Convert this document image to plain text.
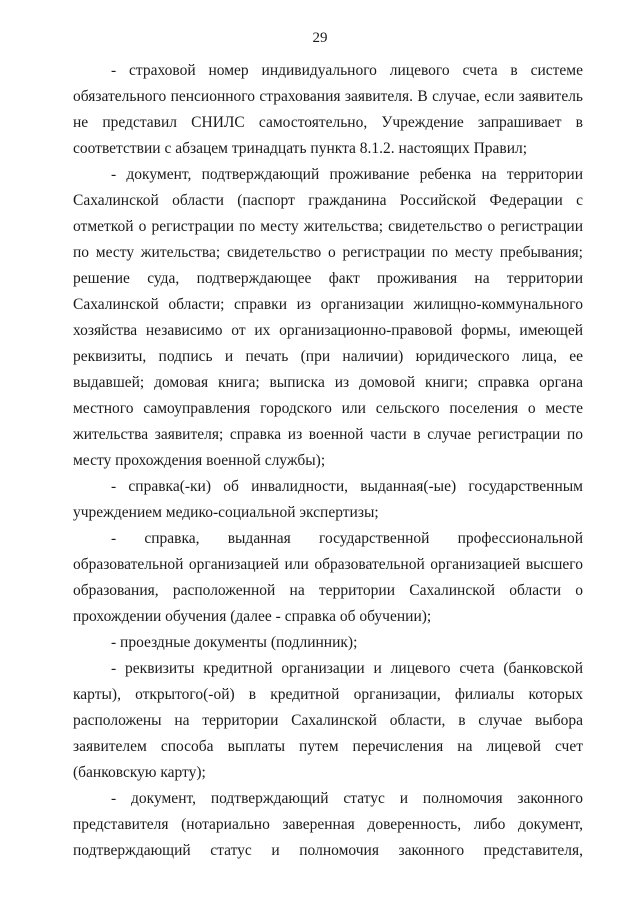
29

- страховой номер индивидуального лицевого счета в системе обязательного пенсионного страхования заявителя. В случае, если заявитель не представил СНИЛС самостоятельно, Учреждение запрашивает в соответствии с абзацем тринадцать пункта 8.1.2. настоящих Правил;

- документ, подтверждающий проживание ребенка на территории Сахалинской области (паспорт гражданина Российской Федерации с отметкой о регистрации по месту жительства; свидетельство о регистрации по месту жительства; свидетельство о регистрации по месту пребывания; решение суда, подтверждающее факт проживания на территории Сахалинской области; справки из организации жилищно-коммунального хозяйства независимо от их организационно-правовой формы, имеющей реквизиты, подпись и печать (при наличии) юридического лица, ее выдавшей; домовая книга; выписка из домовой книги; справка органа местного самоуправления городского или сельского поселения о месте жительства заявителя; справка из военной части в случае регистрации по месту прохождения военной службы);

- справка(-ки) об инвалидности, выданная(-ые) государственным учреждением медико-социальной экспертизы;

- справка, выданная государственной профессиональной образовательной организацией или образовательной организацией высшего образования, расположенной на территории Сахалинской области о прохождении обучения (далее - справка об обучении);

- проездные документы (подлинник);

- реквизиты кредитной организации и лицевого счета (банковской карты), открытого(-ой) в кредитной организации, филиалы которых расположены на территории Сахалинской области, в случае выбора заявителем способа выплаты путем перечисления на лицевой счет (банковскую карту);

- документ, подтверждающий статус и полномочия законного представителя (нотариально заверенная доверенность, либо документ, подтверждающий статус и полномочия законного представителя,
